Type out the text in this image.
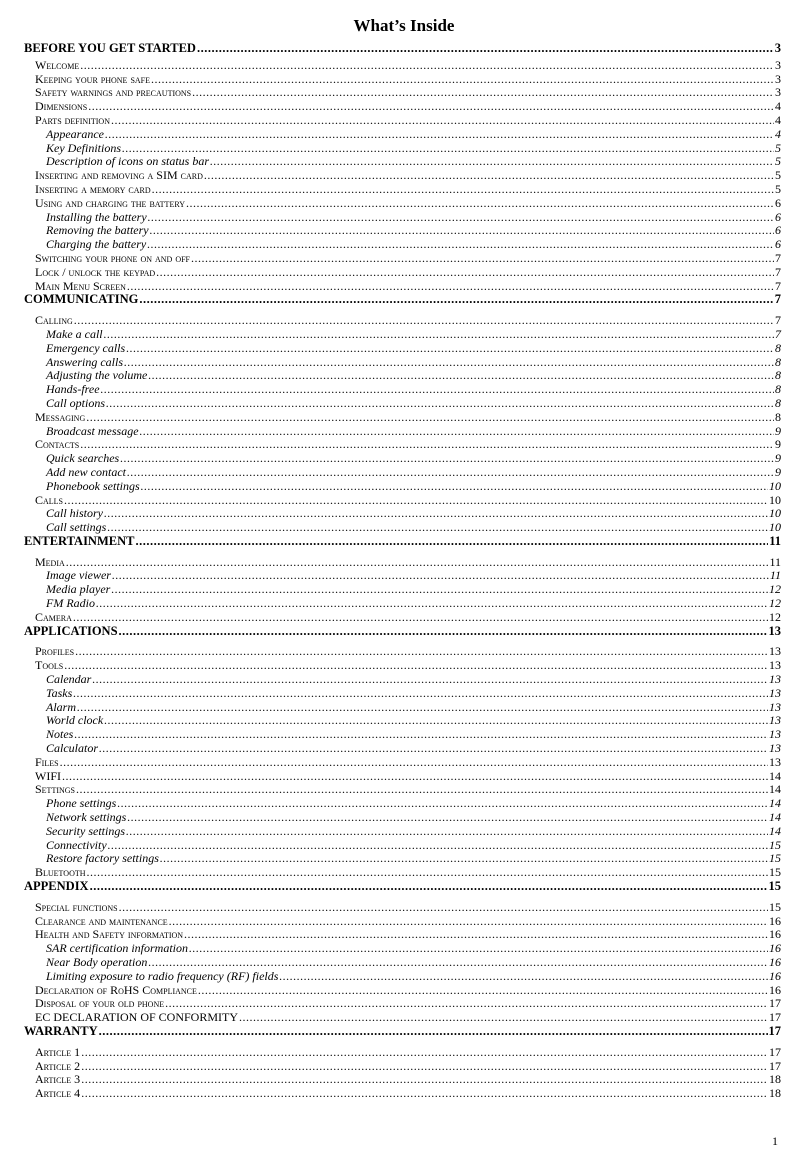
What’s Inside
BEFORE YOU GET STARTED .....	3
Welcome .....	3
Keeping your phone safe .....	3
Safety warnings and precautions .....	3
Dimensions .....	4
Parts definition .....	4
Appearance .....	4
Key Definitions .....	5
Description of icons on status bar .....	5
Inserting and removing a SIM card .....	5
Inserting a memory card .....	5
Using and charging the battery .....	6
Installing the battery .....	6
Removing the battery .....	6
Charging the battery .....	6
Switching your phone on and off .....	7
Lock / unlock the keypad .....	7
Main Menu Screen .....	7
COMMUNICATING .....	7
Calling .....	7
Make a call .....	7
Emergency calls .....	8
Answering calls .....	8
Adjusting the volume .....	8
Hands-free .....	8
Call options .....	8
Messaging .....	8
Broadcast message .....	9
Contacts .....	9
Quick searches .....	9
Add new contact .....	9
Phonebook settings .....	10
Calls .....	10
Call history .....	10
Call settings .....	10
ENTERTAINMENT .....	11
Media .....	11
Image viewer .....	11
Media player .....	12
FM Radio .....	12
Camera .....	12
APPLICATIONS .....	13
Profiles .....	13
Tools .....	13
Calendar .....	13
Tasks .....	13
Alarm .....	13
World clock .....	13
Notes .....	13
Calculator .....	13
Files .....	13
WIFI .....	14
Settings .....	14
Phone settings .....	14
Network settings .....	14
Security settings .....	14
Connectivity .....	15
Restore factory settings .....	15
Bluetooth .....	15
APPENDIX .....	15
Special functions .....	15
Clearance and maintenance .....	16
Health and Safety information .....	16
SAR certification information .....	16
Near Body operation .....	16
Limiting exposure to radio frequency (RF) fields .....	16
Declaration of RoHS Compliance .....	16
Disposal of your old phone .....	17
EC DECLARATION OF CONFORMITY .....	17
WARRANTY .....	17
Article 1 .....	17
Article 2 .....	17
Article 3 .....	18
Article 4 .....	18
1
